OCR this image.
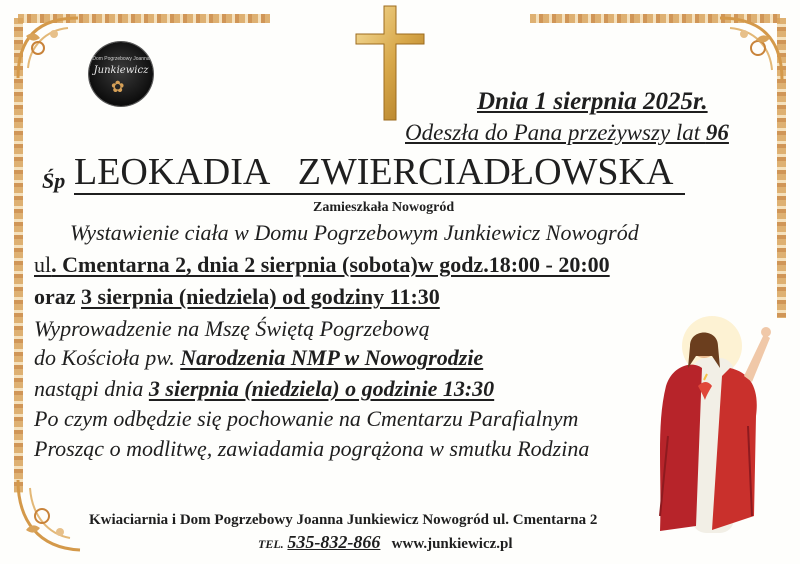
Dom Pogrzebowy Joanna
Junkiewicz
✿
Dnia 1 sierpnia 2025r.
Odeszła do Pana przeżywszy lat 96
Śp LEOKADIA ZWIERCIADŁOWSKA
Zamieszkała Nowogród
Wystawienie ciała w Domu Pogrzebowym Junkiewicz Nowogród
ul. Cmentarna 2, dnia 2 sierpnia (sobota)w godz.18:00 - 20:00
oraz 3 sierpnia (niedziela) od godziny 11:30
Wyprowadzenie na Mszę Świętą Pogrzebową
do Kościoła pw. Narodzenia NMP w Nowogrodzie
nastąpi dnia 3 sierpnia (niedziela) o godzinie 13:30
Po czym odbędzie się pochowanie na Cmentarzu Parafialnym
Prosząc o modlitwę, zawiadamia pogrążona w smutku Rodzina
Kwiaciarnia i Dom Pogrzebowy Joanna Junkiewicz Nowogród ul. Cmentarna 2
TEL. 535-832-866 www.junkiewicz.pl
